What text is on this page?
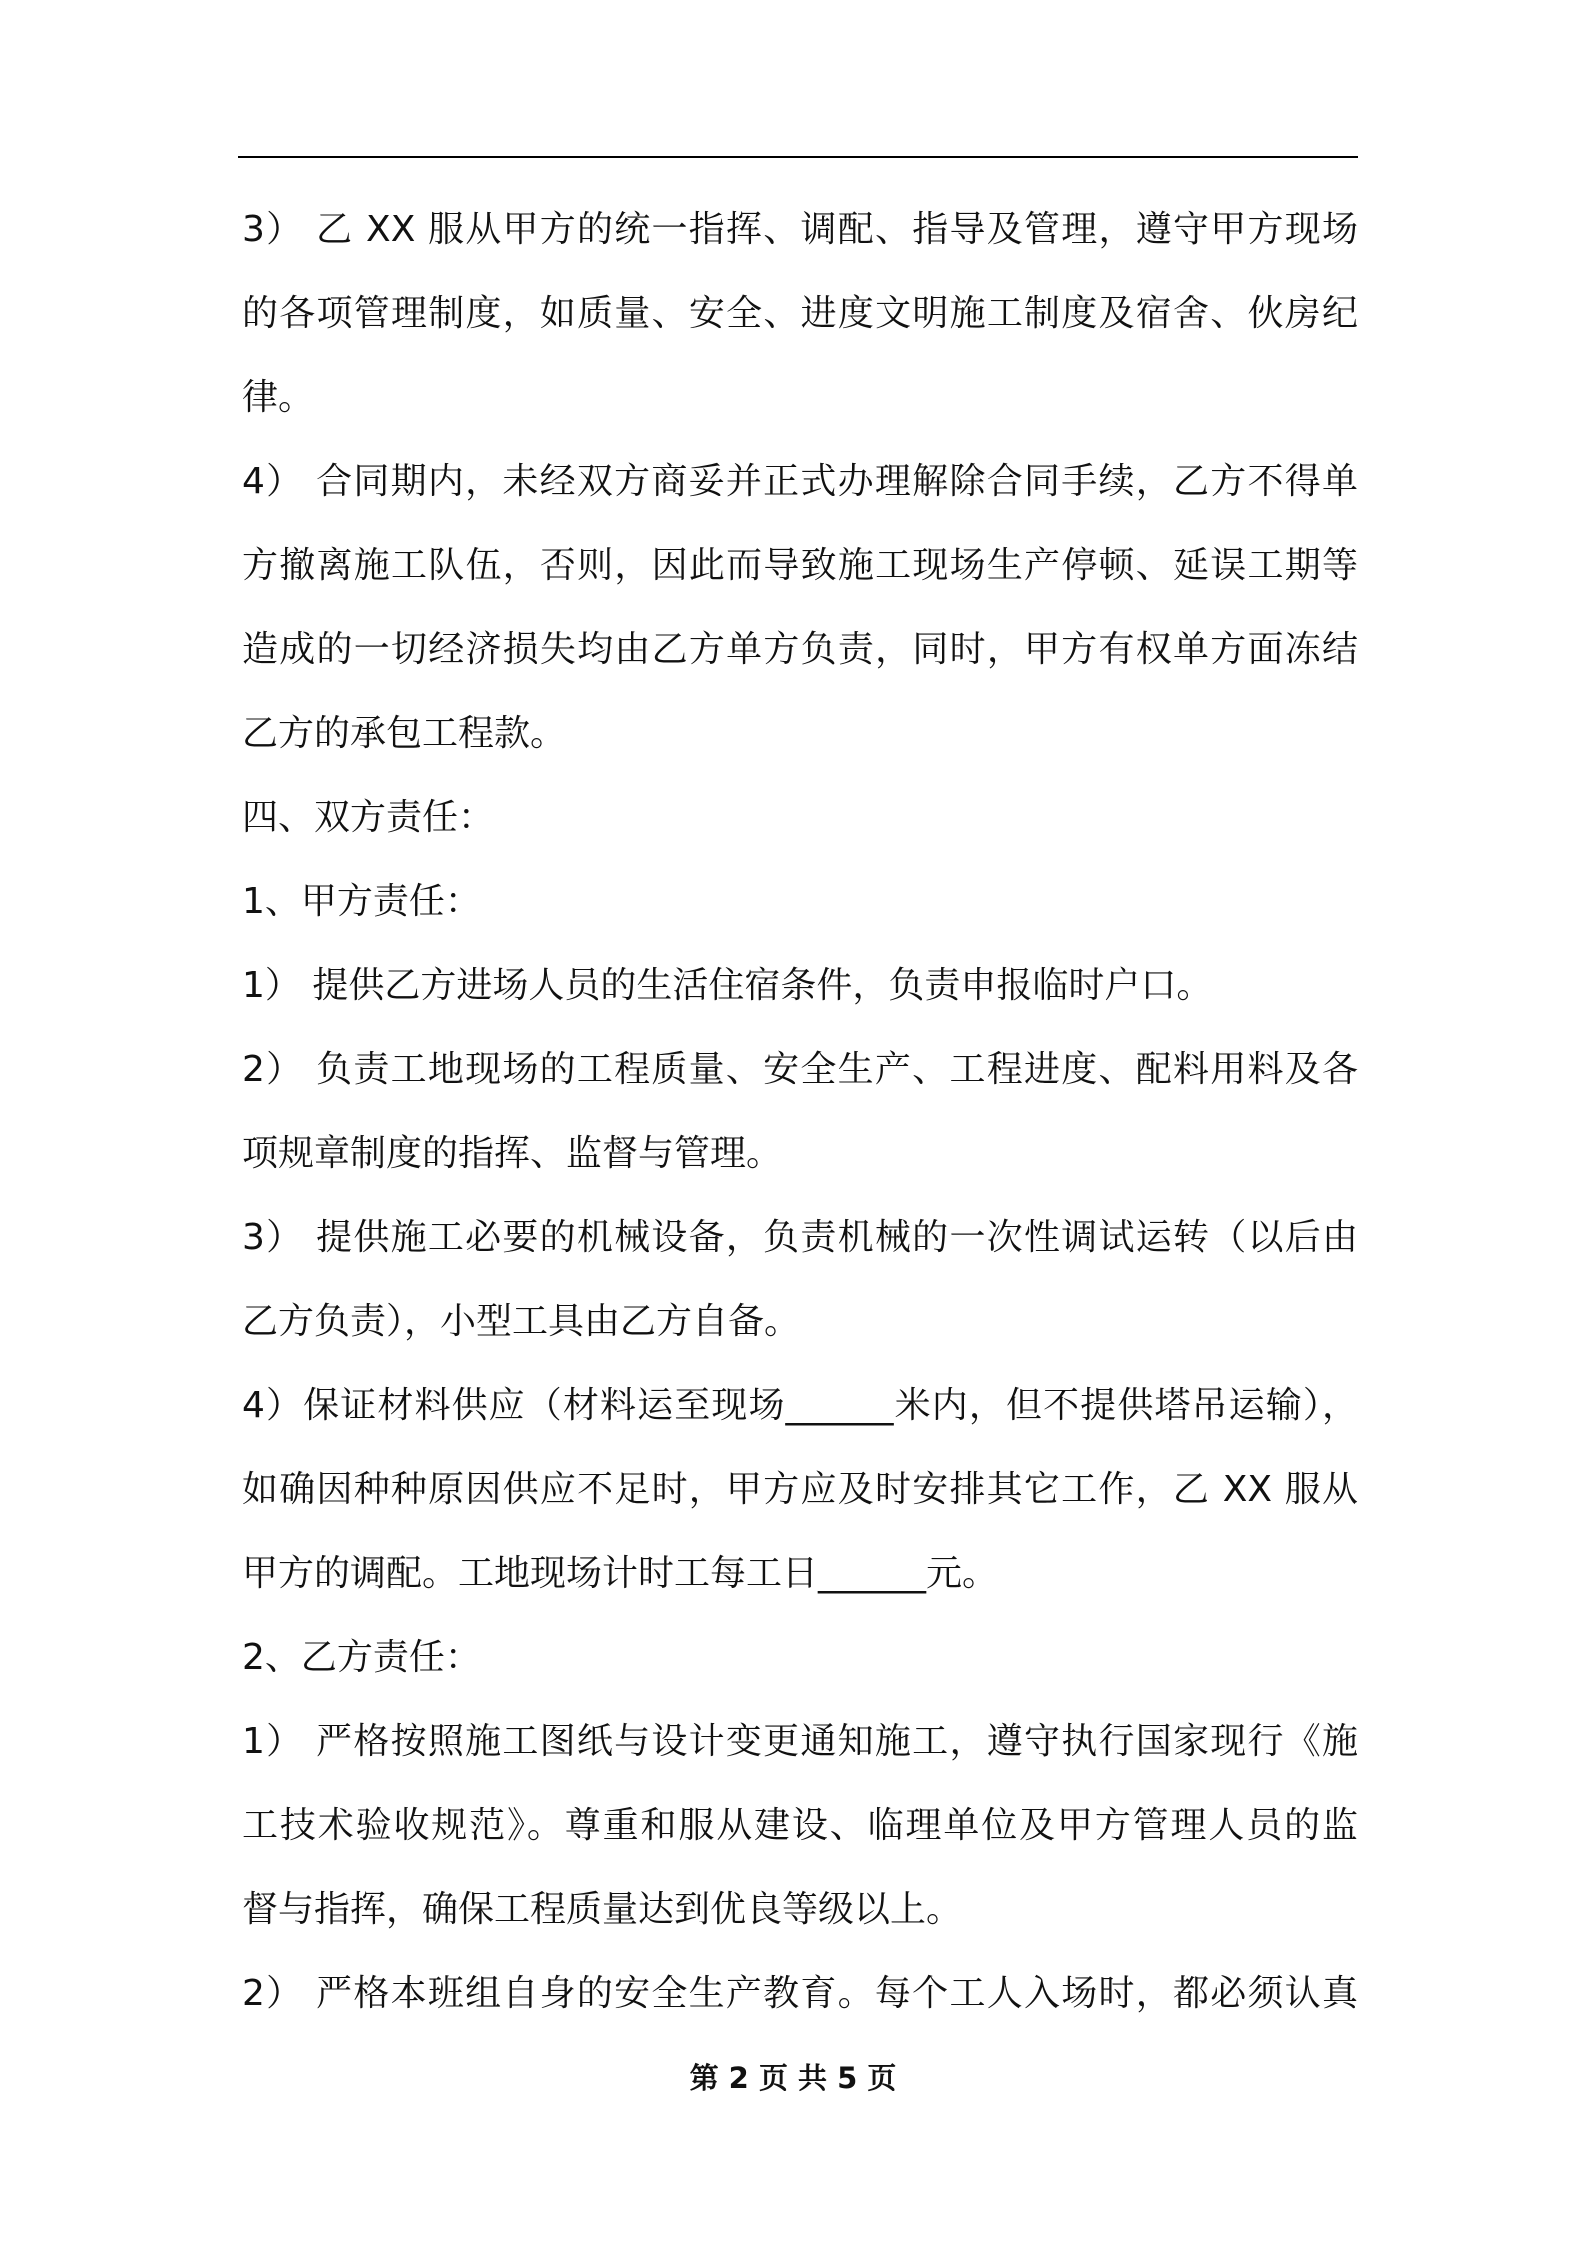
3） 乙 XX 服从甲方的统一指挥、调配、指导及管理，遵守甲方现场
的各项管理制度，如质量、安全、进度文明施工制度及宿舍、伙房纪
律。
4） 合同期内，未经双方商妥并正式办理解除合同手续，乙方不得单
方撤离施工队伍，否则，因此而导致施工现场生产停顿、延误工期等
造成的一切经济损失均由乙方单方负责，同时，甲方有权单方面冻结
乙方的承包工程款。
四、双方责任：
1、甲方责任：
1） 提供乙方进场人员的生活住宿条件，负责申报临时户口。
2） 负责工地现场的工程质量、安全生产、工程进度、配料用料及各
项规章制度的指挥、监督与管理。
3） 提供施工必要的机械设备，负责机械的一次性调试运转（以后由
乙方负责），小型工具由乙方自备。
4）保证材料供应（材料运至现场______米内，但不提供塔吊运输），
如确因种种原因供应不足时，甲方应及时安排其它工作，乙 XX 服从
甲方的调配。工地现场计时工每工日______元。
2、乙方责任：
1） 严格按照施工图纸与设计变更通知施工，遵守执行国家现行《施
工技术验收规范》。尊重和服从建设、临理单位及甲方管理人员的监
督与指挥，确保工程质量达到优良等级以上。
2） 严格本班组自身的安全生产教育。每个工人入场时，都必须认真
第 2 页 共 5 页
